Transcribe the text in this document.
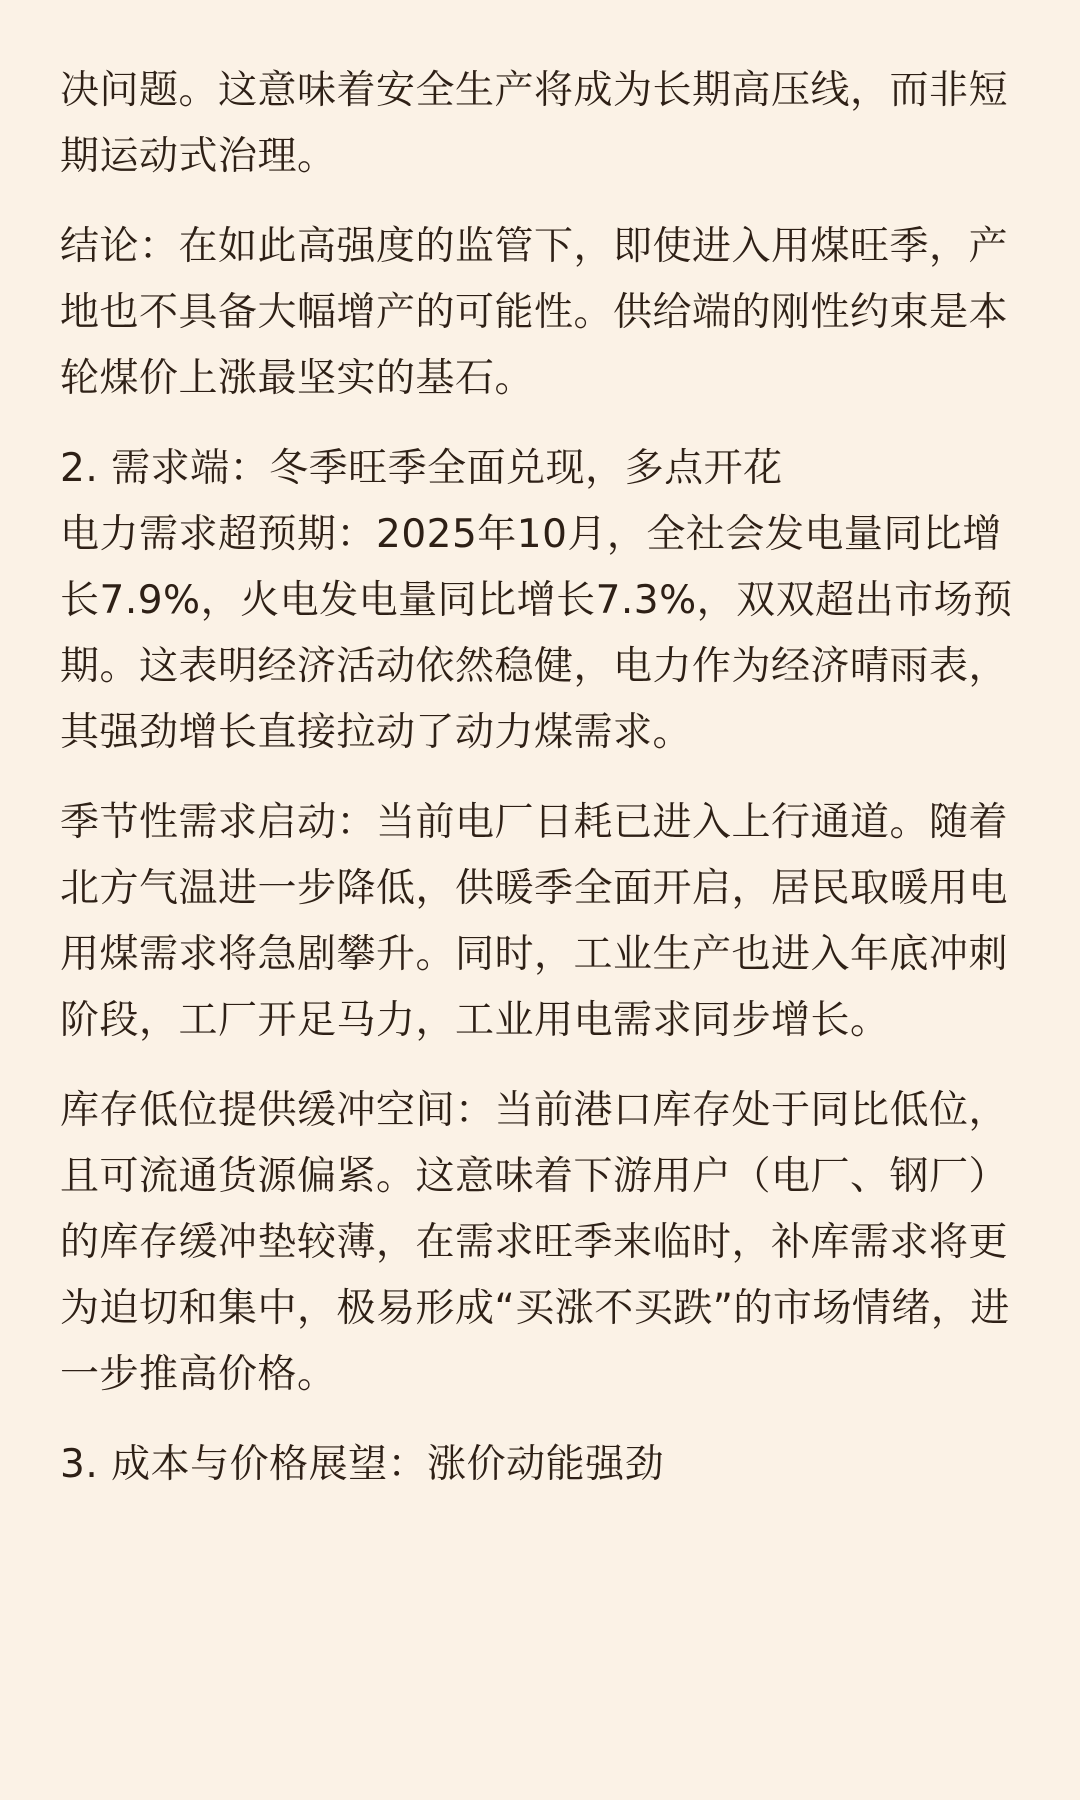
决问题。这意味着安全生产将成为长期高压线，而非短期运动式治理。

结论：在如此高强度的监管下，即使进入用煤旺季，产地也不具备大幅增产的可能性。供给端的刚性约束是本轮煤价上涨最坚实的基石。

2. 需求端：冬季旺季全面兑现，多点开花

电力需求超预期：2025年10月，全社会发电量同比增长7.9%，火电发电量同比增长7.3%，双双超出市场预期。这表明经济活动依然稳健，电力作为经济晴雨表，其强劲增长直接拉动了动力煤需求。

季节性需求启动：当前电厂日耗已进入上行通道。随着北方气温进一步降低，供暖季全面开启，居民取暖用电用煤需求将急剧攀升。同时，工业生产也进入年底冲刺阶段，工厂开足马力，工业用电需求同步增长。

库存低位提供缓冲空间：当前港口库存处于同比低位，且可流通货源偏紧。这意味着下游用户（电厂、钢厂）的库存缓冲垫较薄，在需求旺季来临时，补库需求将更为迫切和集中，极易形成“买涨不买跌”的市场情绪，进一步推高价格。

3. 成本与价格展望：涨价动能强劲
